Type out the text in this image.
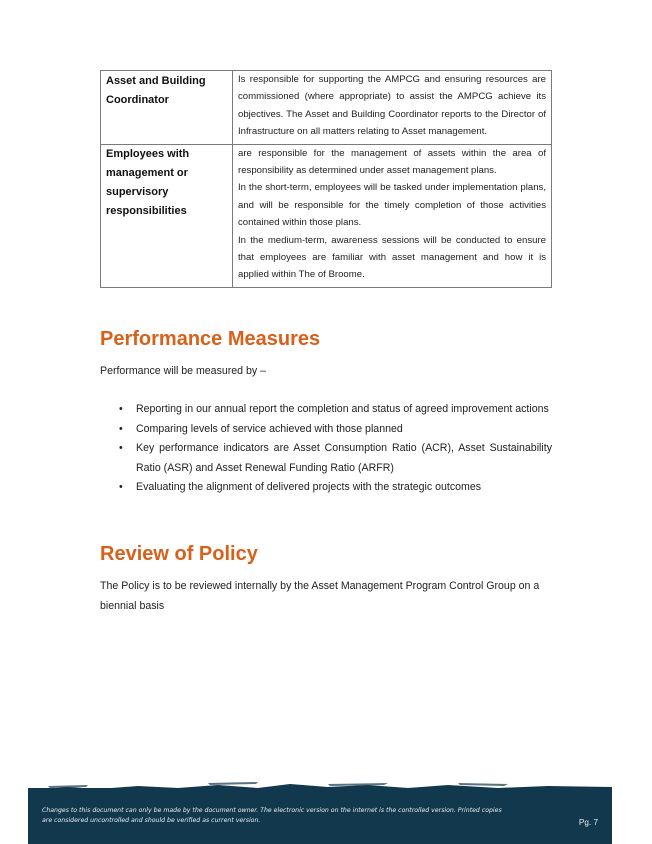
Asset and Building Coordinator	Is responsible for supporting the AMPCG and ensuring resources are commissioned (where appropriate) to assist the AMPCG achieve its objectives. The Asset and Building Coordinator reports to the Director of Infrastructure on all matters relating to Asset management.

Employees with management or supervisory responsibilities	are responsible for the management of assets within the area of responsibility as determined under asset management plans.

In the short-term, employees will be tasked under implementation plans, and will be responsible for the timely completion of those activities contained within those plans.

In the medium-term, awareness sessions will be conducted to ensure that employees are familiar with asset management and how it is applied within The of Broome.

Performance Measures

Performance will be measured by –

• Reporting in our annual report the completion and status of agreed improvement actions
• Comparing levels of service achieved with those planned
• Key performance indicators are Asset Consumption Ratio (ACR), Asset Sustainability Ratio (ASR) and Asset Renewal Funding Ratio (ARFR)
• Evaluating the alignment of delivered projects with the strategic outcomes
Review of Policy

The Policy is to be reviewed internally by the Asset Management Program Control Group on a biennial basis

Changes to this document can only be made by the document owner. The electronic version on the internet is the controlled version. Printed copies
are considered uncontrolled and should be verified as current version.	Pg. 7
